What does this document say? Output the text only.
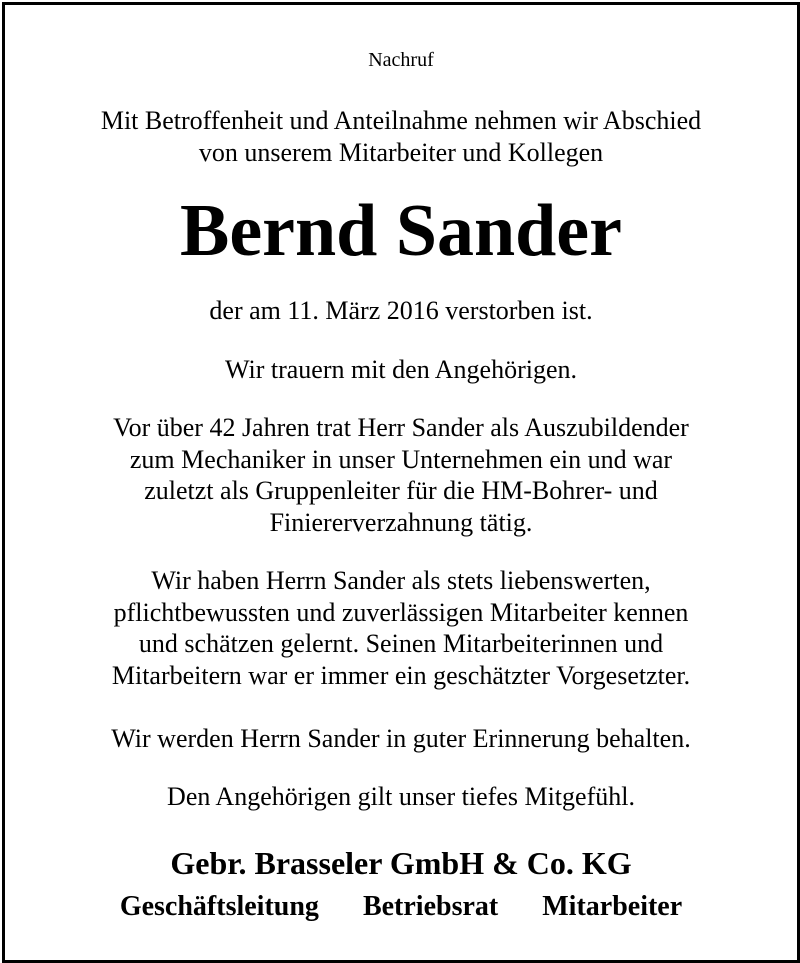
Nachruf
Mit Betroffenheit und Anteilnahme nehmen wir Abschied
von unserem Mitarbeiter und Kollegen
Bernd Sander
der am 11. März 2016 verstorben ist.
Wir trauern mit den Angehörigen.
Vor über 42 Jahren trat Herr Sander als Auszubildender
zum Mechaniker in unser Unternehmen ein und war
zuletzt als Gruppenleiter für die HM-Bohrer- und
Finiererverzahnung tätig.
Wir haben Herrn Sander als stets liebenswerten,
pflichtbewussten und zuverlässigen Mitarbeiter kennen
und schätzen gelernt. Seinen Mitarbeiterinnen und
Mitarbeitern war er immer ein geschätzter Vorgesetzter.
Wir werden Herrn Sander in guter Erinnerung behalten.
Den Angehörigen gilt unser tiefes Mitgefühl.
Gebr. Brasseler GmbH & Co. KG
Geschäftsleitung Betriebsrat Mitarbeiter
